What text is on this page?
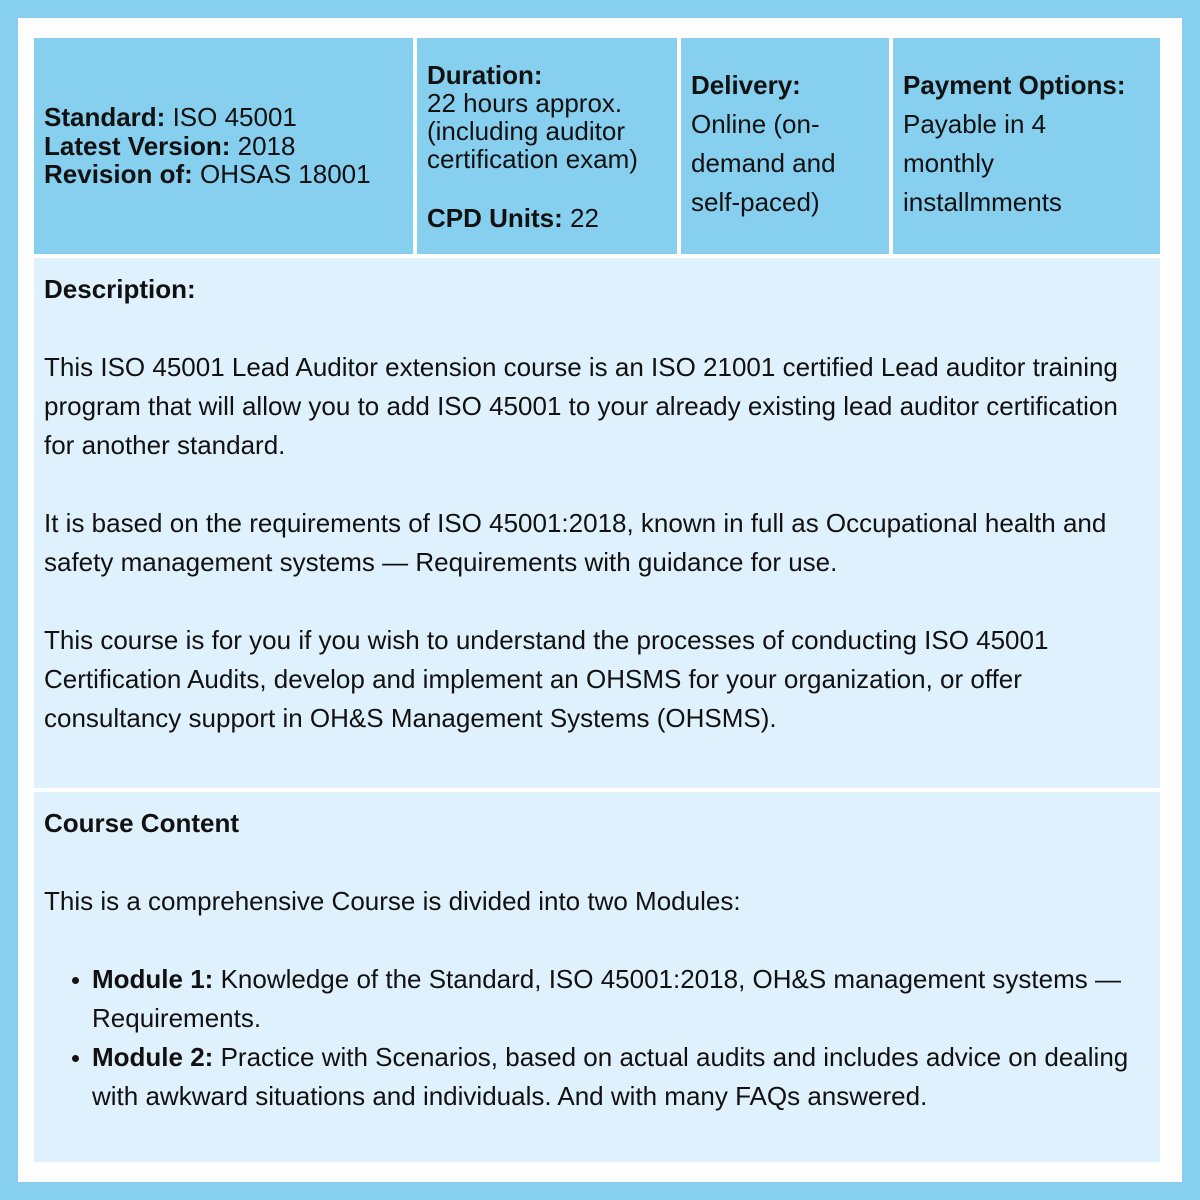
Standard: ISO 45001
Latest Version: 2018
Revision of: OHSAS 18001
Duration:
22 hours approx.
(including auditor
certification exam)
CPD Units: 22
Delivery:
Online (on-
demand and
self-paced)
Payment Options:
Payable in 4
monthly
installmments

Description:

This ISO 45001 Lead Auditor extension course is an ISO 21001 certified Lead auditor training program that will allow you to add ISO 45001 to your already existing lead auditor certification for another standard.

It is based on the requirements of ISO 45001:2018, known in full as Occupational health and safety management systems — Requirements with guidance for use.

This course is for you if you wish to understand the processes of conducting ISO 45001 Certification Audits, develop and implement an OHSMS for your organization, or offer consultancy support in OH&S Management Systems (OHSMS).

Course Content

This is a comprehensive Course is divided into two Modules:

Module 1: Knowledge of the Standard, ISO 45001:2018, OH&S management systems — Requirements.
Module 2: Practice with Scenarios, based on actual audits and includes advice on dealing with awkward situations and individuals. And with many FAQs answered.
